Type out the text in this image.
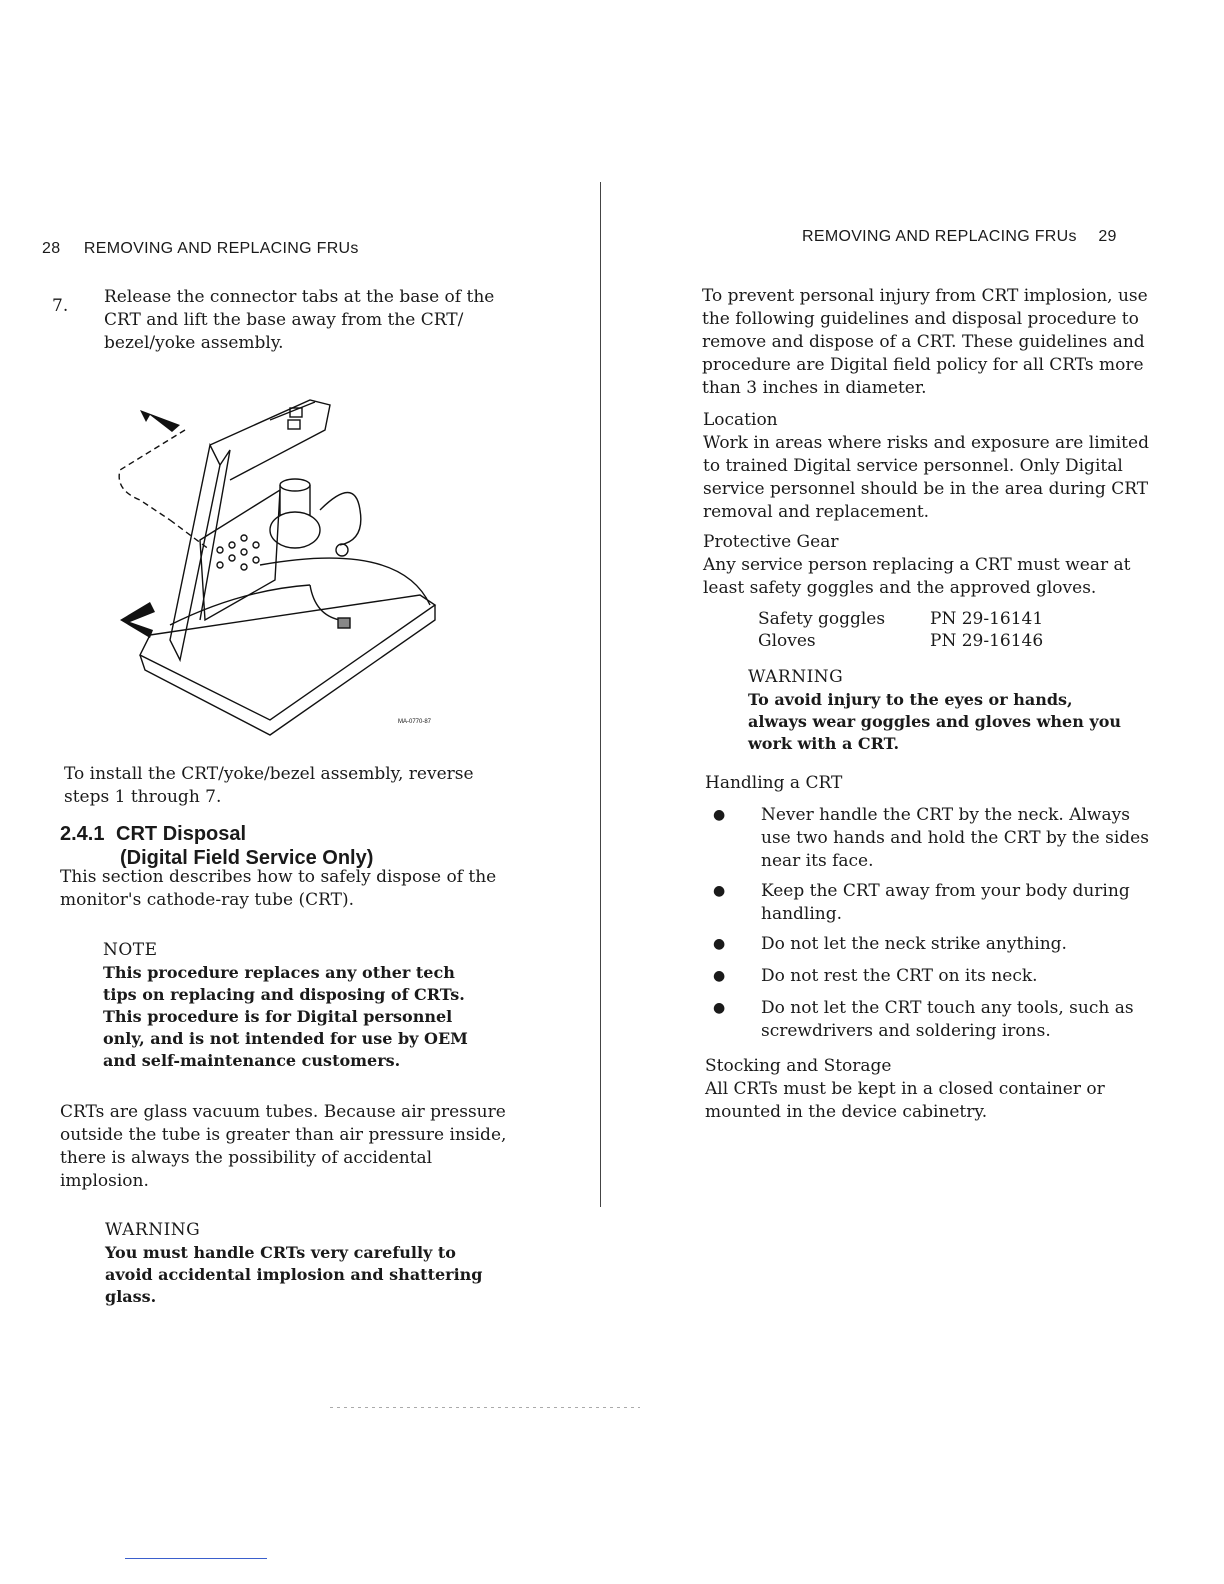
28 REMOVING AND REPLACING FRUs
7. Release the connector tabs at the base of the
CRT and lift the base away from the CRT/
bezel/yoke assembly.
MA-0770-87
To install the CRT/yoke/bezel assembly, reverse
steps 1 through 7.
2.4.1 CRT Disposal
(Digital Field Service Only)
This section describes how to safely dispose of the
monitor's cathode-ray tube (CRT).
NOTE
This procedure replaces any other tech
tips on replacing and disposing of CRTs.
This procedure is for Digital personnel
only, and is not intended for use by OEM
and self-maintenance customers.
CRTs are glass vacuum tubes. Because air pressure
outside the tube is greater than air pressure inside,
there is always the possibility of accidental
implosion.
WARNING
You must handle CRTs very carefully to
avoid accidental implosion and shattering
glass.
REMOVING AND REPLACING FRUs 29
To prevent personal injury from CRT implosion, use
the following guidelines and disposal procedure to
remove and dispose of a CRT. These guidelines and
procedure are Digital field policy for all CRTs more
than 3 inches in diameter.
Location
Work in areas where risks and exposure are limited
to trained Digital service personnel. Only Digital
service personnel should be in the area during CRT
removal and replacement.
Protective Gear
Any service person replacing a CRT must wear at
least safety goggles and the approved gloves.
Safety goggles	PN 29-16141
Gloves	PN 29-16146
WARNING
To avoid injury to the eyes or hands,
always wear goggles and gloves when you
work with a CRT.
Handling a CRT
● Never handle the CRT by the neck. Always
use two hands and hold the CRT by the sides
near its face.
● Keep the CRT away from your body during
handling.
● Do not let the neck strike anything.
● Do not rest the CRT on its neck.
● Do not let the CRT touch any tools, such as
screwdrivers and soldering irons.
Stocking and Storage
All CRTs must be kept in a closed container or
mounted in the device cabinetry.
